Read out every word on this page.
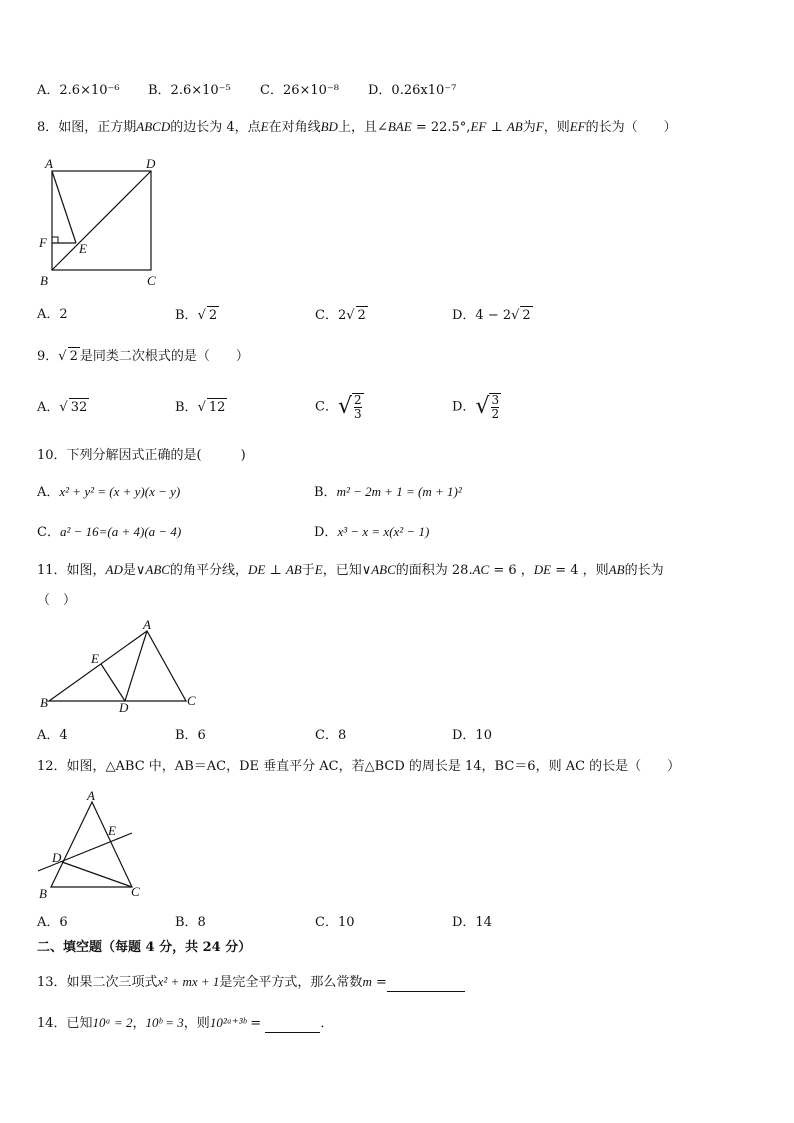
A．2.6×10⁻⁶ B．2.6×10⁻⁵ C．26×10⁻⁸ D．0.26x10⁻⁷
8．如图，正方期ABCD的边长为 4，点E在对角线BD上，且∠BAE = 22.5°,EF ⊥ AB为F，则EF的长为（　　）
A	D
F E
B	C
A．2	B．√ 2	C．2√ 2	D．4 − 2√ 2
9．√ 2 是同类二次根式的是（　　）
A．√ 32	B．√ 12	C．√ $\frac{2}{3}$	D．√ $\frac{3}{2}$
10．下列分解因式正确的是(　　　)
A．x² + y² = (x + y)(x − y)	B．m² − 2m + 1 = (m + 1)²
C．a² − 16=(a + 4)(a − 4)	D．x³ − x = x(x² − 1)
11．如图，AD是∨ABC的角平分线，DE ⊥ AB于E，已知∨ABC的面积为 28.AC = 6 ，DE = 4 ，则AB的长为
（　）
A
E
B	D	C
A．4	B．6	C．8	D．10
12．如图，△ABC 中，AB＝AC，DE 垂直平分 AC，若△BCD 的周长是 14，BC＝6，则 AC 的长是（　　）
A
E
D
B	C
A．6	B．8	C．10	D．14
二、填空题（每题 4 分，共 24 分）
13．如果二次三项式x² + mx + 1是完全平方式，那么常数m =
14．已知10ᵃ = 2，10ᵇ = 3，则10²ᵃ⁺³ᵇ =	．
